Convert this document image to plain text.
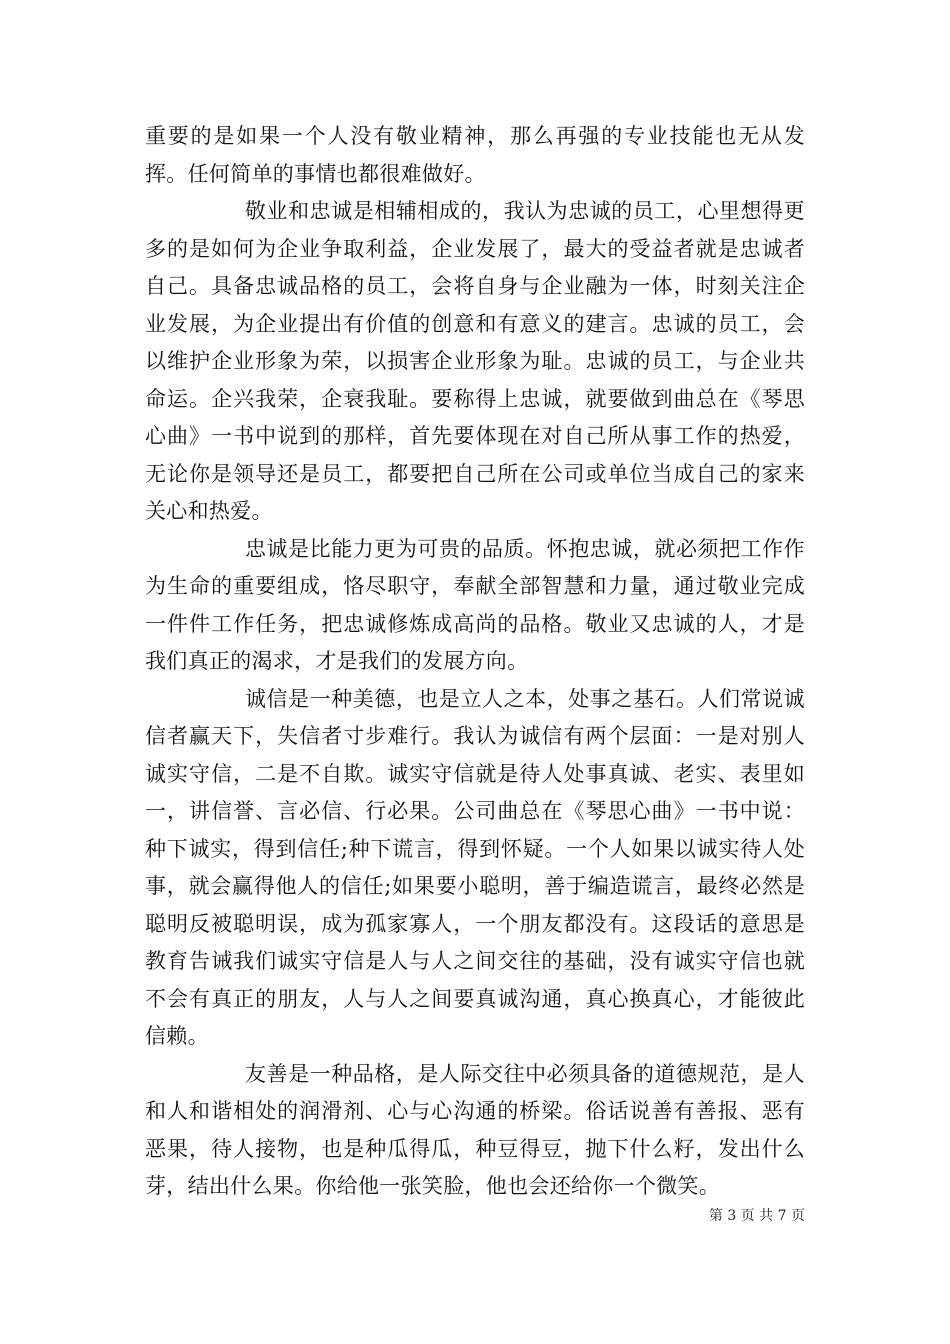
重要的是如果一个人没有敬业精神，那么再强的专业技能也无从发挥。任何简单的事情也都很难做好。

敬业和忠诚是相辅相成的，我认为忠诚的员工，心里想得更多的是如何为企业争取利益，企业发展了，最大的受益者就是忠诚者自己。具备忠诚品格的员工，会将自身与企业融为一体，时刻关注企业发展，为企业提出有价值的创意和有意义的建言。忠诚的员工，会以维护企业形象为荣，以损害企业形象为耻。忠诚的员工，与企业共命运。企兴我荣，企衰我耻。要称得上忠诚，就要做到曲总在《琴思心曲》一书中说到的那样，首先要体现在对自己所从事工作的热爱，无论你是领导还是员工，都要把自己所在公司或单位当成自己的家来关心和热爱。

忠诚是比能力更为可贵的品质。怀抱忠诚，就必须把工作作为生命的重要组成，恪尽职守，奉献全部智慧和力量，通过敬业完成一件件工作任务，把忠诚修炼成高尚的品格。敬业又忠诚的人，才是我们真正的渴求，才是我们的发展方向。

诚信是一种美德，也是立人之本，处事之基石。人们常说诚信者赢天下，失信者寸步难行。我认为诚信有两个层面：一是对别人诚实守信，二是不自欺。诚实守信就是待人处事真诚、老实、表里如一，讲信誉、言必信、行必果。公司曲总在《琴思心曲》一书中说：种下诚实，得到信任;种下谎言，得到怀疑。一个人如果以诚实待人处事，就会赢得他人的信任;如果要小聪明，善于编造谎言，最终必然是聪明反被聪明误，成为孤家寡人，一个朋友都没有。这段话的意思是教育告诫我们诚实守信是人与人之间交往的基础，没有诚实守信也就不会有真正的朋友，人与人之间要真诚沟通，真心换真心，才能彼此信赖。

友善是一种品格，是人际交往中必须具备的道德规范，是人和人和谐相处的润滑剂、心与心沟通的桥梁。俗话说善有善报、恶有恶果，待人接物，也是种瓜得瓜，种豆得豆，抛下什么籽，发出什么芽，结出什么果。你给他一张笑脸，他也会还给你一个微笑。

第 3 页 共 7 页
